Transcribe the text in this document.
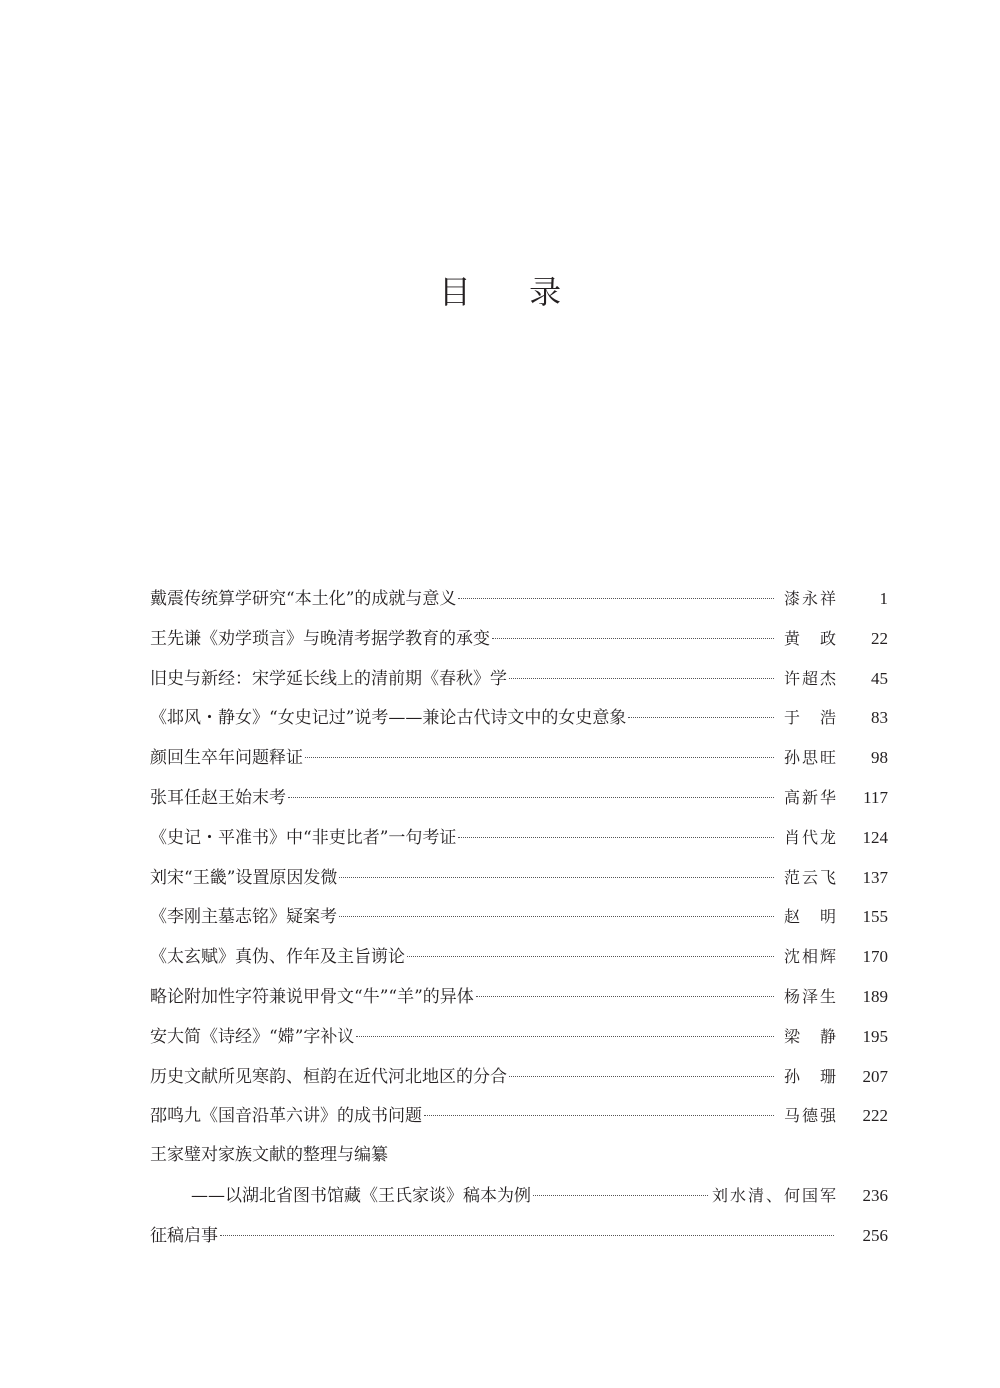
目 录
戴震传统算学研究“本土化”的成就与意义	漆永祥	1
王先谦《劝学琐言》与晚清考据学教育的承变	黄　政	22
旧史与新经：宋学延长线上的清前期《春秋》学	许超杰	45
《邶风・静女》“女史记过”说考——兼论古代诗文中的女史意象	于　浩	83
颜回生卒年问题释证	孙思旺	98
张耳任赵王始末考	高新华	117
《史记・平准书》中“非吏比者”一句考证	肖代龙	124
刘宋“王畿”设置原因发微	范云飞	137
《李刚主墓志铭》疑案考	赵　明	155
《太玄赋》真伪、作年及主旨谫论	沈相辉	170
略论附加性字符兼说甲骨文“牛”“羊”的异体	杨泽生	189
安大简《诗经》“㛿”字补议	梁　静	195
历史文献所见寒韵、桓韵在近代河北地区的分合	孙　珊	207
邵鸣九《国音沿革六讲》的成书问题	马德强	222
王家璧对家族文献的整理与编纂
——以湖北省图书馆藏《王氏家谈》稿本为例	刘水清、何国军	236
征稿启事	256
